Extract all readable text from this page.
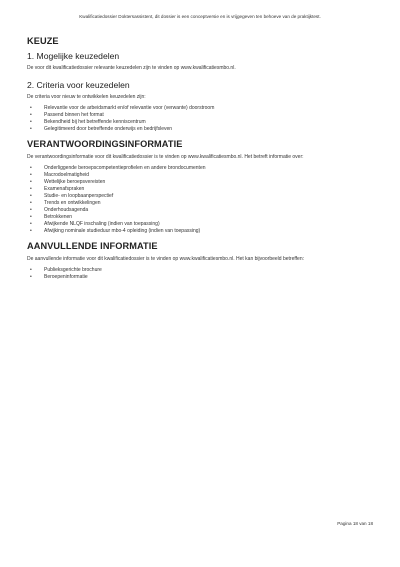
Kwalificatiedossier Doktersassistent, dit dossier is een conceptversie en is vrijgegeven ten behoeve van de praktijktest.
KEUZE
1. Mogelijke keuzedelen
De voor dit kwalificatiedossier relevante keuzedelen zijn te vinden op www.kwalificatiesmbo.nl.
2. Criteria voor keuzedelen
De criteria voor nieuw te ontwikkelen keuzedelen zijn:
• Relevantie voor de arbeidsmarkt en/of relevantie voor (verwante) doorstroom
• Passend binnen het format
• Bekendheid bij het betreffende kenniscentrum
• Gelegitimeerd door betreffende onderwijs en bedrijfsleven
VERANTWOORDINGSINFORMATIE
De verantwoordingsinformatie voor dit kwalificatiedossier is te vinden op www.kwalificatiesmbo.nl. Het betreft informatie over:
• Onderliggende beroepscompetentieprofielen en andere brondocumenten
• Macrodoelmatigheid
• Wettelijke beroepsvereisten
• Examenafspraken
• Studie- en loopbaanperspectief
• Trends en ontwikkelingen
• Onderhoudsagenda
• Betrokkenen
• Afwijkende NLQF inschaling (indien van toepassing)
• Afwijking nominale studieduur mbo-4 opleiding (indien van toepassing)
AANVULLENDE INFORMATIE
De aanvullende informatie voor dit kwalificatiedossier is te vinden op www.kwalificatiesmbo.nl. Het kan bijvoorbeeld betreffen:
• Publieksgerichte brochure
• Beroepeninformatie
Pagina 18 van 18
